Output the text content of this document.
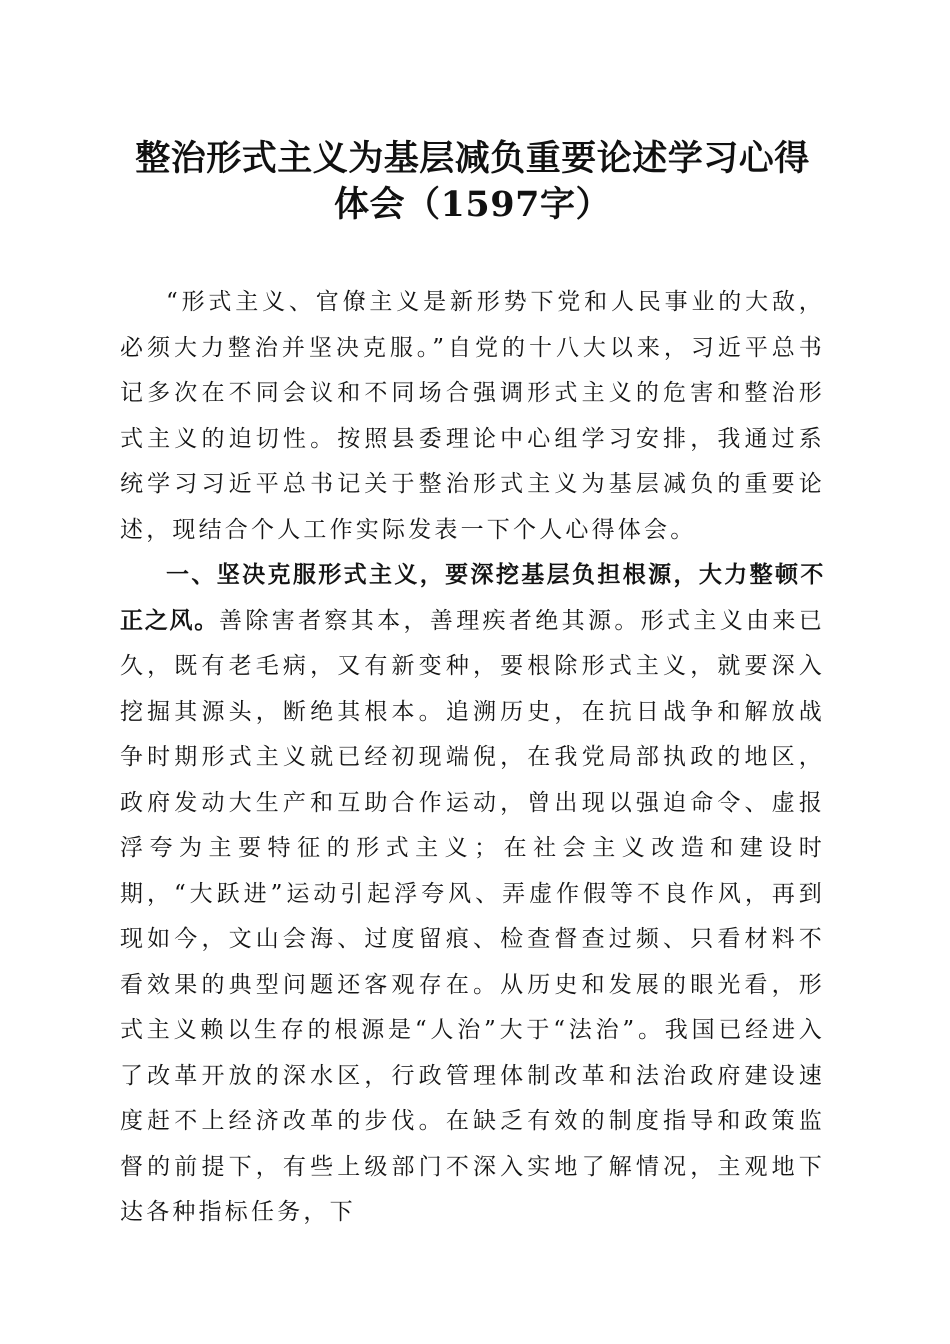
整治形式主义为基层减负重要论述学习心得体会（1597字）

“形式主义、官僚主义是新形势下党和人民事业的大敌，必须大力整治并坚决克服。”自党的十八大以来，习近平总书记多次在不同会议和不同场合强调形式主义的危害和整治形式主义的迫切性。按照县委理论中心组学习安排，我通过系统学习习近平总书记关于整治形式主义为基层减负的重要论述，现结合个人工作实际发表一下个人心得体会。

一、坚决克服形式主义，要深挖基层负担根源，大力整顿不正之风。善除害者察其本，善理疾者绝其源。形式主义由来已久，既有老毛病，又有新变种，要根除形式主义，就要深入挖掘其源头，断绝其根本。追溯历史，在抗日战争和解放战争时期形式主义就已经初现端倪，在我党局部执政的地区，政府发动大生产和互助合作运动，曾出现以强迫命令、虚报浮夸为主要特征的形式主义；在社会主义改造和建设时期，“大跃进”运动引起浮夸风、弄虚作假等不良作风，再到现如今，文山会海、过度留痕、检查督查过频、只看材料不看效果的典型问题还客观存在。从历史和发展的眼光看，形式主义赖以生存的根源是“人治”大于“法治”。我国已经进入了改革开放的深水区，行政管理体制改革和法治政府建设速度赶不上经济改革的步伐。在缺乏有效的制度指导和政策监督的前提下，有些上级部门不深入实地了解情况，主观地下达各种指标任务，下
